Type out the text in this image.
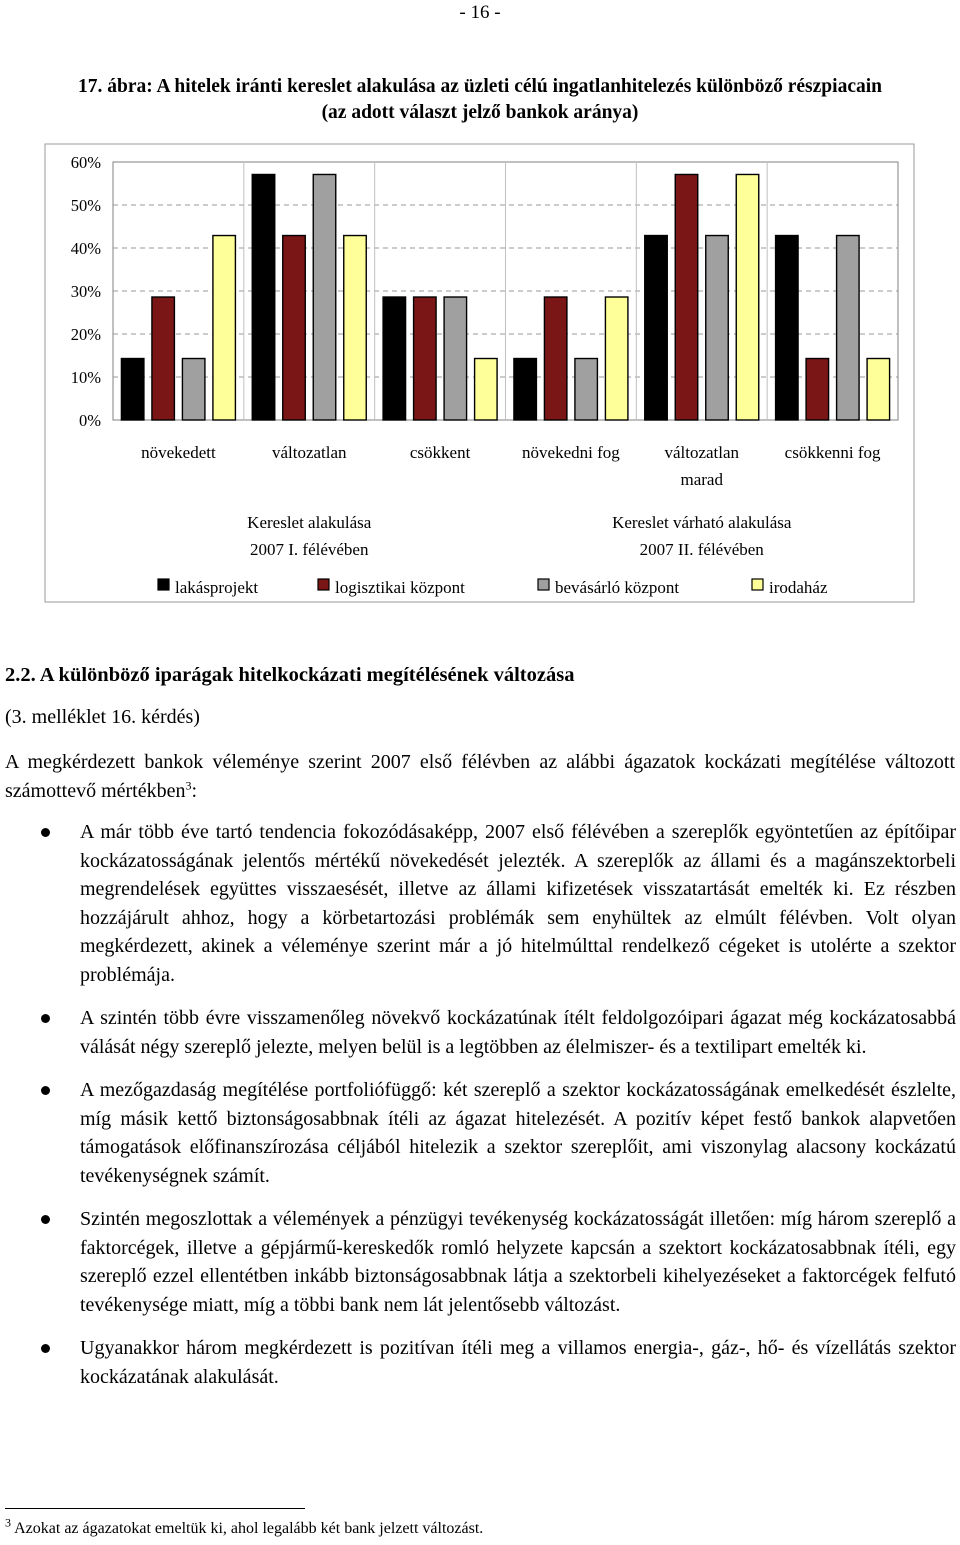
- 16 -
17. ábra: A hitelek iránti kereslet alakulása az üzleti célú ingatlanhitelezés különböző részpiacain
(az adott választ jelző bankok aránya)
0%
10%
20%
30%
40%
50%
60%
növekedett	változatlan	csökkent	növekedni fog	változatlan
marad
csökkenni fog
Kereslet alakulása
2007 I. félévében
Kereslet várható alakulása
2007 II. félévében
lakásprojekt	logisztikai központ	bevásárló központ	irodaház
2.2. A különböző iparágak hitelkockázati megítélésének változása
(3. melléklet 16. kérdés)
A megkérdezett bankok véleménye szerint 2007 első félévben az alábbi ágazatok kockázati megítélése változott számottevő mértékben$^3$:
A már több éve tartó tendencia fokozódásaképp, 2007 első félévében a szereplők egyöntetűen az építőipar kockázatosságának jelentős mértékű növekedését jelezték. A szereplők az állami és a magánszektorbeli megrendelések együttes visszaesését, illetve az állami kifizetések visszatartását emelték ki. Ez részben hozzájárult ahhoz, hogy a körbetartozási problémák sem enyhültek az elmúlt félévben. Volt olyan megkérdezett, akinek a véleménye szerint már a jó hitelmúlttal rendelkező cégeket is utolérte a szektor problémája.
A szintén több évre visszamenőleg növekvő kockázatúnak ítélt feldolgozóipari ágazat még kockázatosabbá válását négy szereplő jelezte, melyen belül is a legtöbben az élelmiszer- és a textilipart emelték ki.
A mezőgazdaság megítélése portfoliófüggő: két szereplő a szektor kockázatosságának emelkedését észlelte, míg másik kettő biztonságosabbnak ítéli az ágazat hitelezését. A pozitív képet festő bankok alapvetően támogatások előfinanszírozása céljából hitelezik a szektor szereplőit, ami viszonylag alacsony kockázatú tevékenységnek számít.
Szintén megoszlottak a vélemények a pénzügyi tevékenység kockázatosságát illetően: míg három szereplő a faktorcégek, illetve a gépjármű-kereskedők romló helyzete kapcsán a szektort kockázatosabbnak ítéli, egy szereplő ezzel ellentétben inkább biztonságosabbnak látja a szektorbeli kihelyezéseket a faktorcégek felfutó tevékenysége miatt, míg a többi bank nem lát jelentősebb változást.
Ugyanakkor három megkérdezett is pozitívan ítéli meg a villamos energia-, gáz-, hő- és vízellátás szektor kockázatának alakulását.
$^3$ Azokat az ágazatokat emeltük ki, ahol legalább két bank jelzett változást.
